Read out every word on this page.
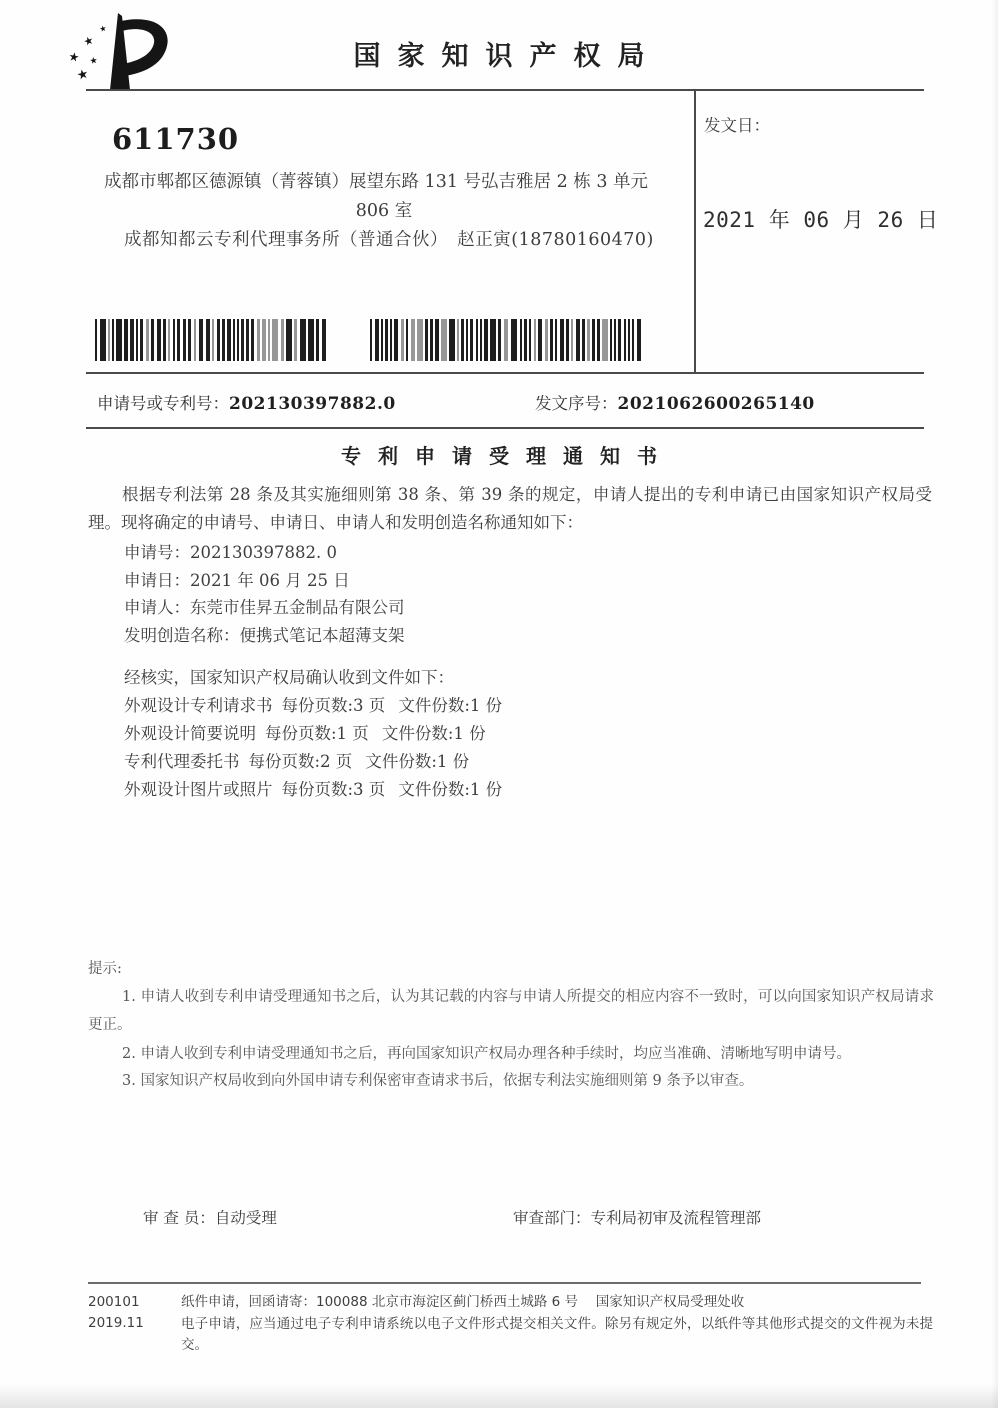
★
★
★ ★
★
国家知识产权局
611730
成都市郫都区德源镇（菁蓉镇）展望东路 131 号弘吉雅居 2 栋 3 单元
806 室
成都知都云专利代理事务所（普通合伙）　赵正寅(18780160470)
发文日：
2021 年 06 月 26 日
申请号或专利号：202130397882.0	发文序号：2021062600265140
专利申请受理通知书
根据专利法第 28 条及其实施细则第 38 条、第 39 条的规定，申请人提出的专利申请已由国家知识产权局受理。现将确定的申请号、申请日、申请人和发明创造名称通知如下：
申请号：202130397882. 0
申请日：2021 年 06 月 25 日
申请人：东莞市佳昇五金制品有限公司
发明创造名称：便携式笔记本超薄支架
经核实，国家知识产权局确认收到文件如下：
外观设计专利请求书 每份页数:3 页 文件份数:1 份
外观设计简要说明 每份页数:1 页 文件份数:1 份
专利代理委托书 每份页数:2 页 文件份数:1 份
外观设计图片或照片 每份页数:3 页 文件份数:1 份
提示:
1. 申请人收到专利申请受理通知书之后，认为其记载的内容与申请人所提交的相应内容不一致时，可以向国家知识产权局请求更正。
2. 申请人收到专利申请受理通知书之后，再向国家知识产权局办理各种手续时，均应当准确、清晰地写明申请号。
3. 国家知识产权局收到向外国申请专利保密审查请求书后，依据专利法实施细则第 9 条予以审查。
审 查 员：自动受理	审查部门：专利局初审及流程管理部
200101
2019.11
纸件申请，回函请寄：100088 北京市海淀区蓟门桥西土城路 6 号　 国家知识产权局受理处收
电子申请，应当通过电子专利申请系统以电子文件形式提交相关文件。除另有规定外，以纸件等其他形式提交的文件视为未提交。
